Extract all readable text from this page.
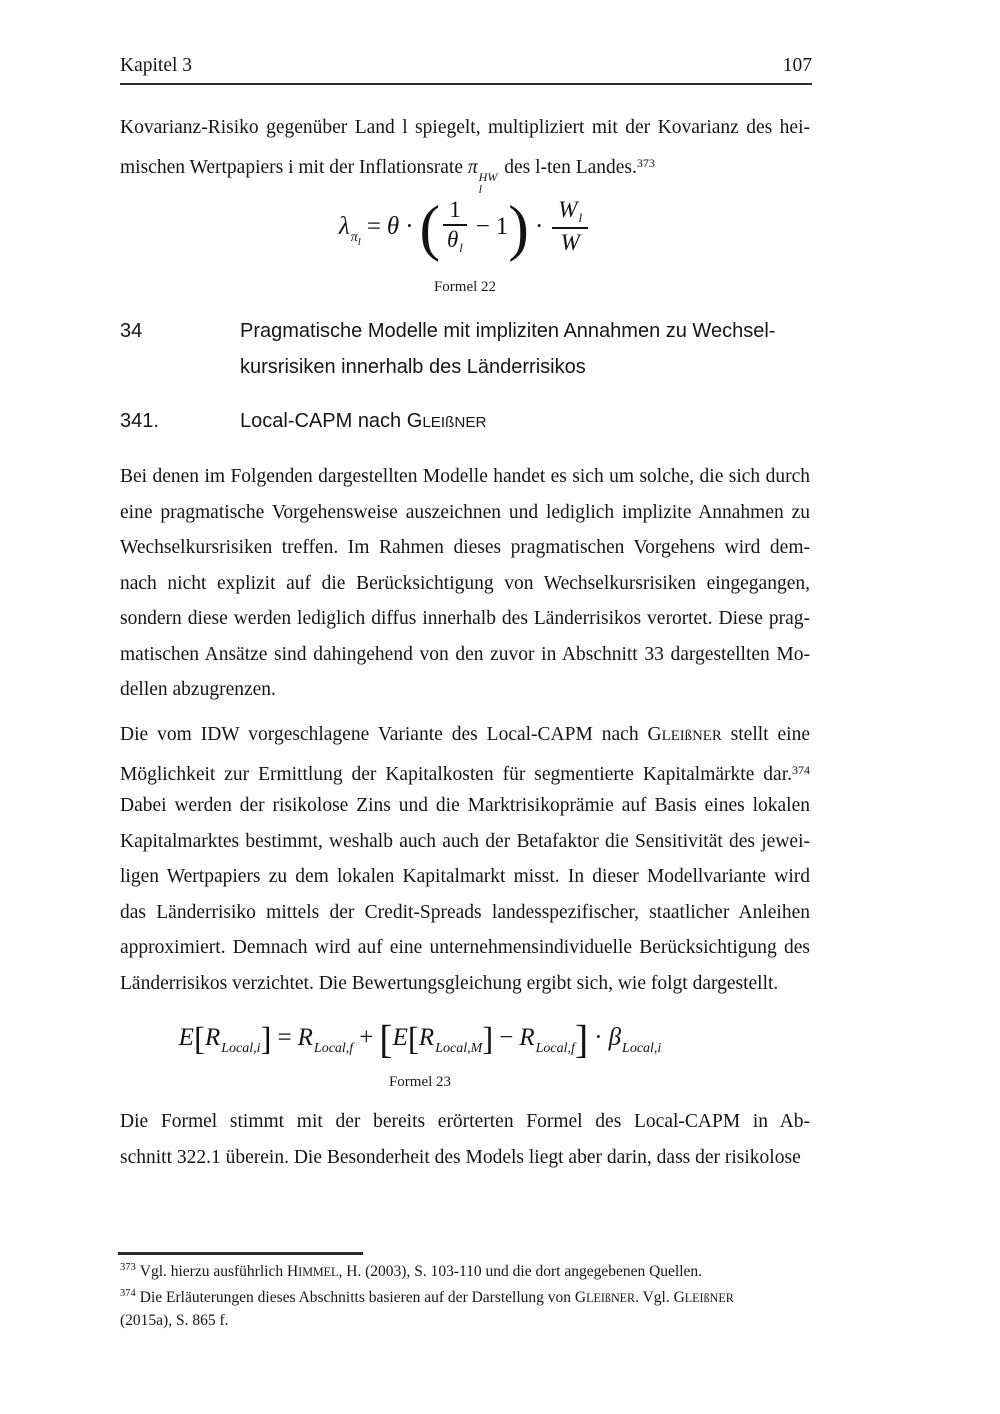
Kapitel 3	107
Kovarianz-Risiko gegenüber Land l spiegelt, multipliziert mit der Kovarianz des hei-
mischen Wertpapiers i mit der Inflationsrate π HW
l
des l-ten Landes.$^{373}$
$\lambda_{\pi l}= \theta$ ·( $\frac{1}{\theta_l} - 1) \cdot \frac{W_l}{W}$
Formel 22
34	Pragmatische Modelle mit impliziten Annahmen zu Wechsel-
kursrisiken innerhalb des Länderrisikos
341.	Local-CAPM nach GLEIßNER
Bei denen im Folgenden dargestellten Modelle handet es sich um solche, die sich durch
eine pragmatische Vorgehensweise auszeichnen und lediglich implizite Annahmen zu
Wechselkursrisiken treffen. Im Rahmen dieses pragmatischen Vorgehens wird dem-
nach nicht explizit auf die Berücksichtigung von Wechselkursrisiken eingegangen,
sondern diese werden lediglich diffus innerhalb des Länderrisikos verortet. Diese prag-
matischen Ansätze sind dahingehend von den zuvor in Abschnitt 33 dargestellten Mo-
dellen abzugrenzen.
Die vom IDW vorgeschlagene Variante des Local-CAPM nach GLEIßNER stellt eine
Möglichkeit zur Ermittlung der Kapitalkosten für segmentierte Kapitalmärkte dar.$^{374}$
Dabei werden der risikolose Zins und die Marktrisikoprämie auf Basis eines lokalen
Kapitalmarktes bestimmt, weshalb auch auch der Betafaktor die Sensitivität des jewei-
ligen Wertpapiers zu dem lokalen Kapitalmarkt misst. In dieser Modellvariante wird
das Länderrisiko mittels der Credit-Spreads landesspezifischer, staatlicher Anleihen
approximiert. Demnach wird auf eine unternehmensindividuelle Berücksichtigung des
Länderrisikos verzichtet. Die Bewertungsgleichung ergibt sich, wie folgt dargestellt.
$E[R_{Local,i}] = R_{Local,f} + [E[R_{Local,M}] - R_{Local,f}] \cdot \beta_{Local,i}$
Formel 23
Die Formel stimmt mit der bereits erörterten Formel des Local-CAPM in Ab-
schnitt 322.1 überein. Die Besonderheit des Models liegt aber darin, dass der risikolose
$^{373}$ Vgl. hierzu ausführlich HIMMEL, H. (2003), S. 103-110 und die dort angegebenen Quellen.
$^{374}$ Die Erläuterungen dieses Abschnitts basieren auf der Darstellung von GLEIßNER. Vgl. GLEIßNER
(2015a), S. 865 f.
